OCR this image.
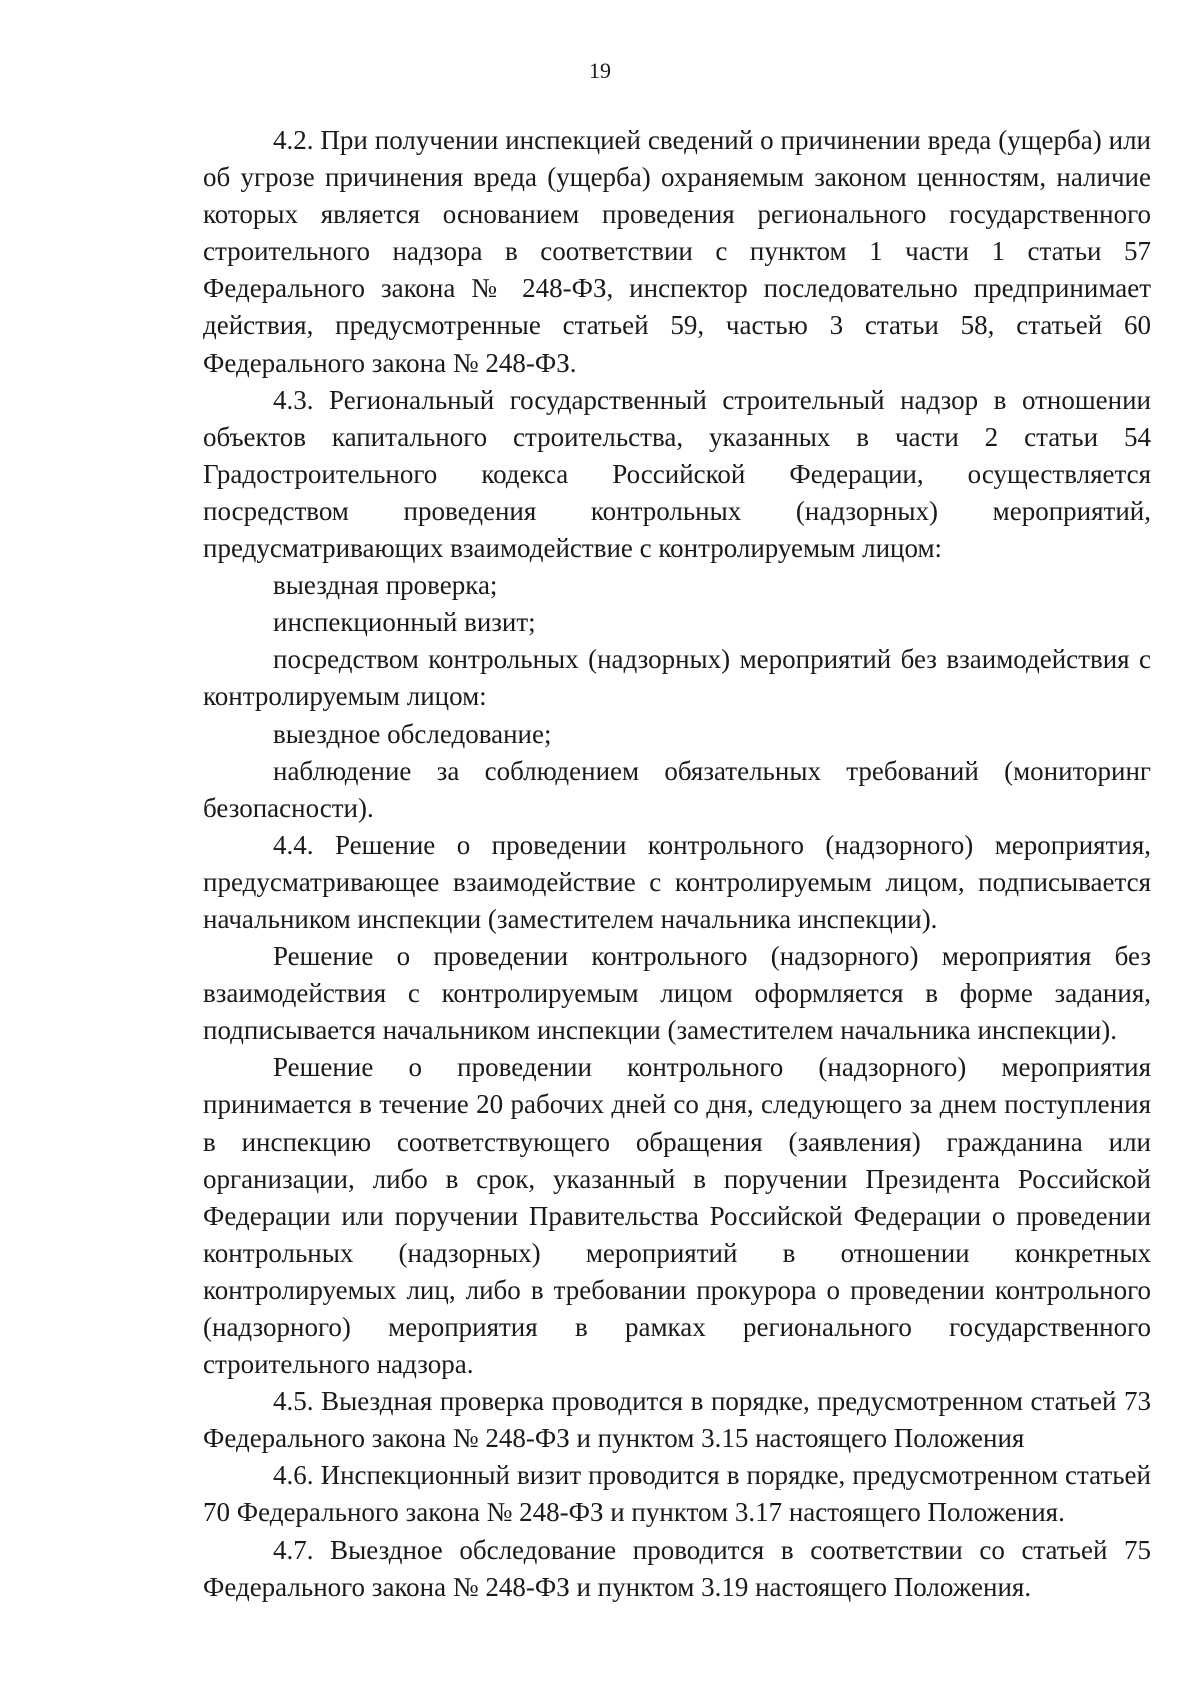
19

4.2. При получении инспекцией сведений о причинении вреда (ущерба) или об угрозе причинения вреда (ущерба) охраняемым законом ценностям, наличие которых является основанием проведения регионального государственного строительного надзора в соответствии с пунктом 1 части 1 статьи 57 Федерального закона № 248-ФЗ, инспектор последовательно предпринимает действия, предусмотренные статьей 59, частью 3 статьи 58, статьей 60 Федерального закона № 248-ФЗ.

4.3. Региональный государственный строительный надзор в отношении объектов капитального строительства, указанных в части 2 статьи 54 Градостроительного кодекса Российской Федерации, осуществляется посредством проведения контрольных (надзорных) мероприятий, предусматривающих взаимодействие с контролируемым лицом:

выездная проверка;

инспекционный визит;

посредством контрольных (надзорных) мероприятий без взаимодействия с контролируемым лицом:

выездное обследование;

наблюдение за соблюдением обязательных требований (мониторинг безопасности).

4.4. Решение о проведении контрольного (надзорного) мероприятия, предусматривающее взаимодействие с контролируемым лицом, подписывается начальником инспекции (заместителем начальника инспекции).

Решение о проведении контрольного (надзорного) мероприятия без взаимодействия с контролируемым лицом оформляется в форме задания, подписывается начальником инспекции (заместителем начальника инспекции).

Решение о проведении контрольного (надзорного) мероприятия принимается в течение 20 рабочих дней со дня, следующего за днем поступления в инспекцию соответствующего обращения (заявления) гражданина или организации, либо в срок, указанный в поручении Президента Российской Федерации или поручении Правительства Российской Федерации о проведении контрольных (надзорных) мероприятий в отношении конкретных контролируемых лиц, либо в требовании прокурора о проведении контрольного (надзорного) мероприятия в рамках регионального государственного строительного надзора.

4.5. Выездная проверка проводится в порядке, предусмотренном статьей 73 Федерального закона № 248-ФЗ и пунктом 3.15 настоящего Положения

4.6. Инспекционный визит проводится в порядке, предусмотренном статьей 70 Федерального закона № 248-ФЗ и пунктом 3.17 настоящего Положения.

4.7. Выездное обследование проводится в соответствии со статьей 75 Федерального закона № 248-ФЗ и пунктом 3.19 настоящего Положения.
